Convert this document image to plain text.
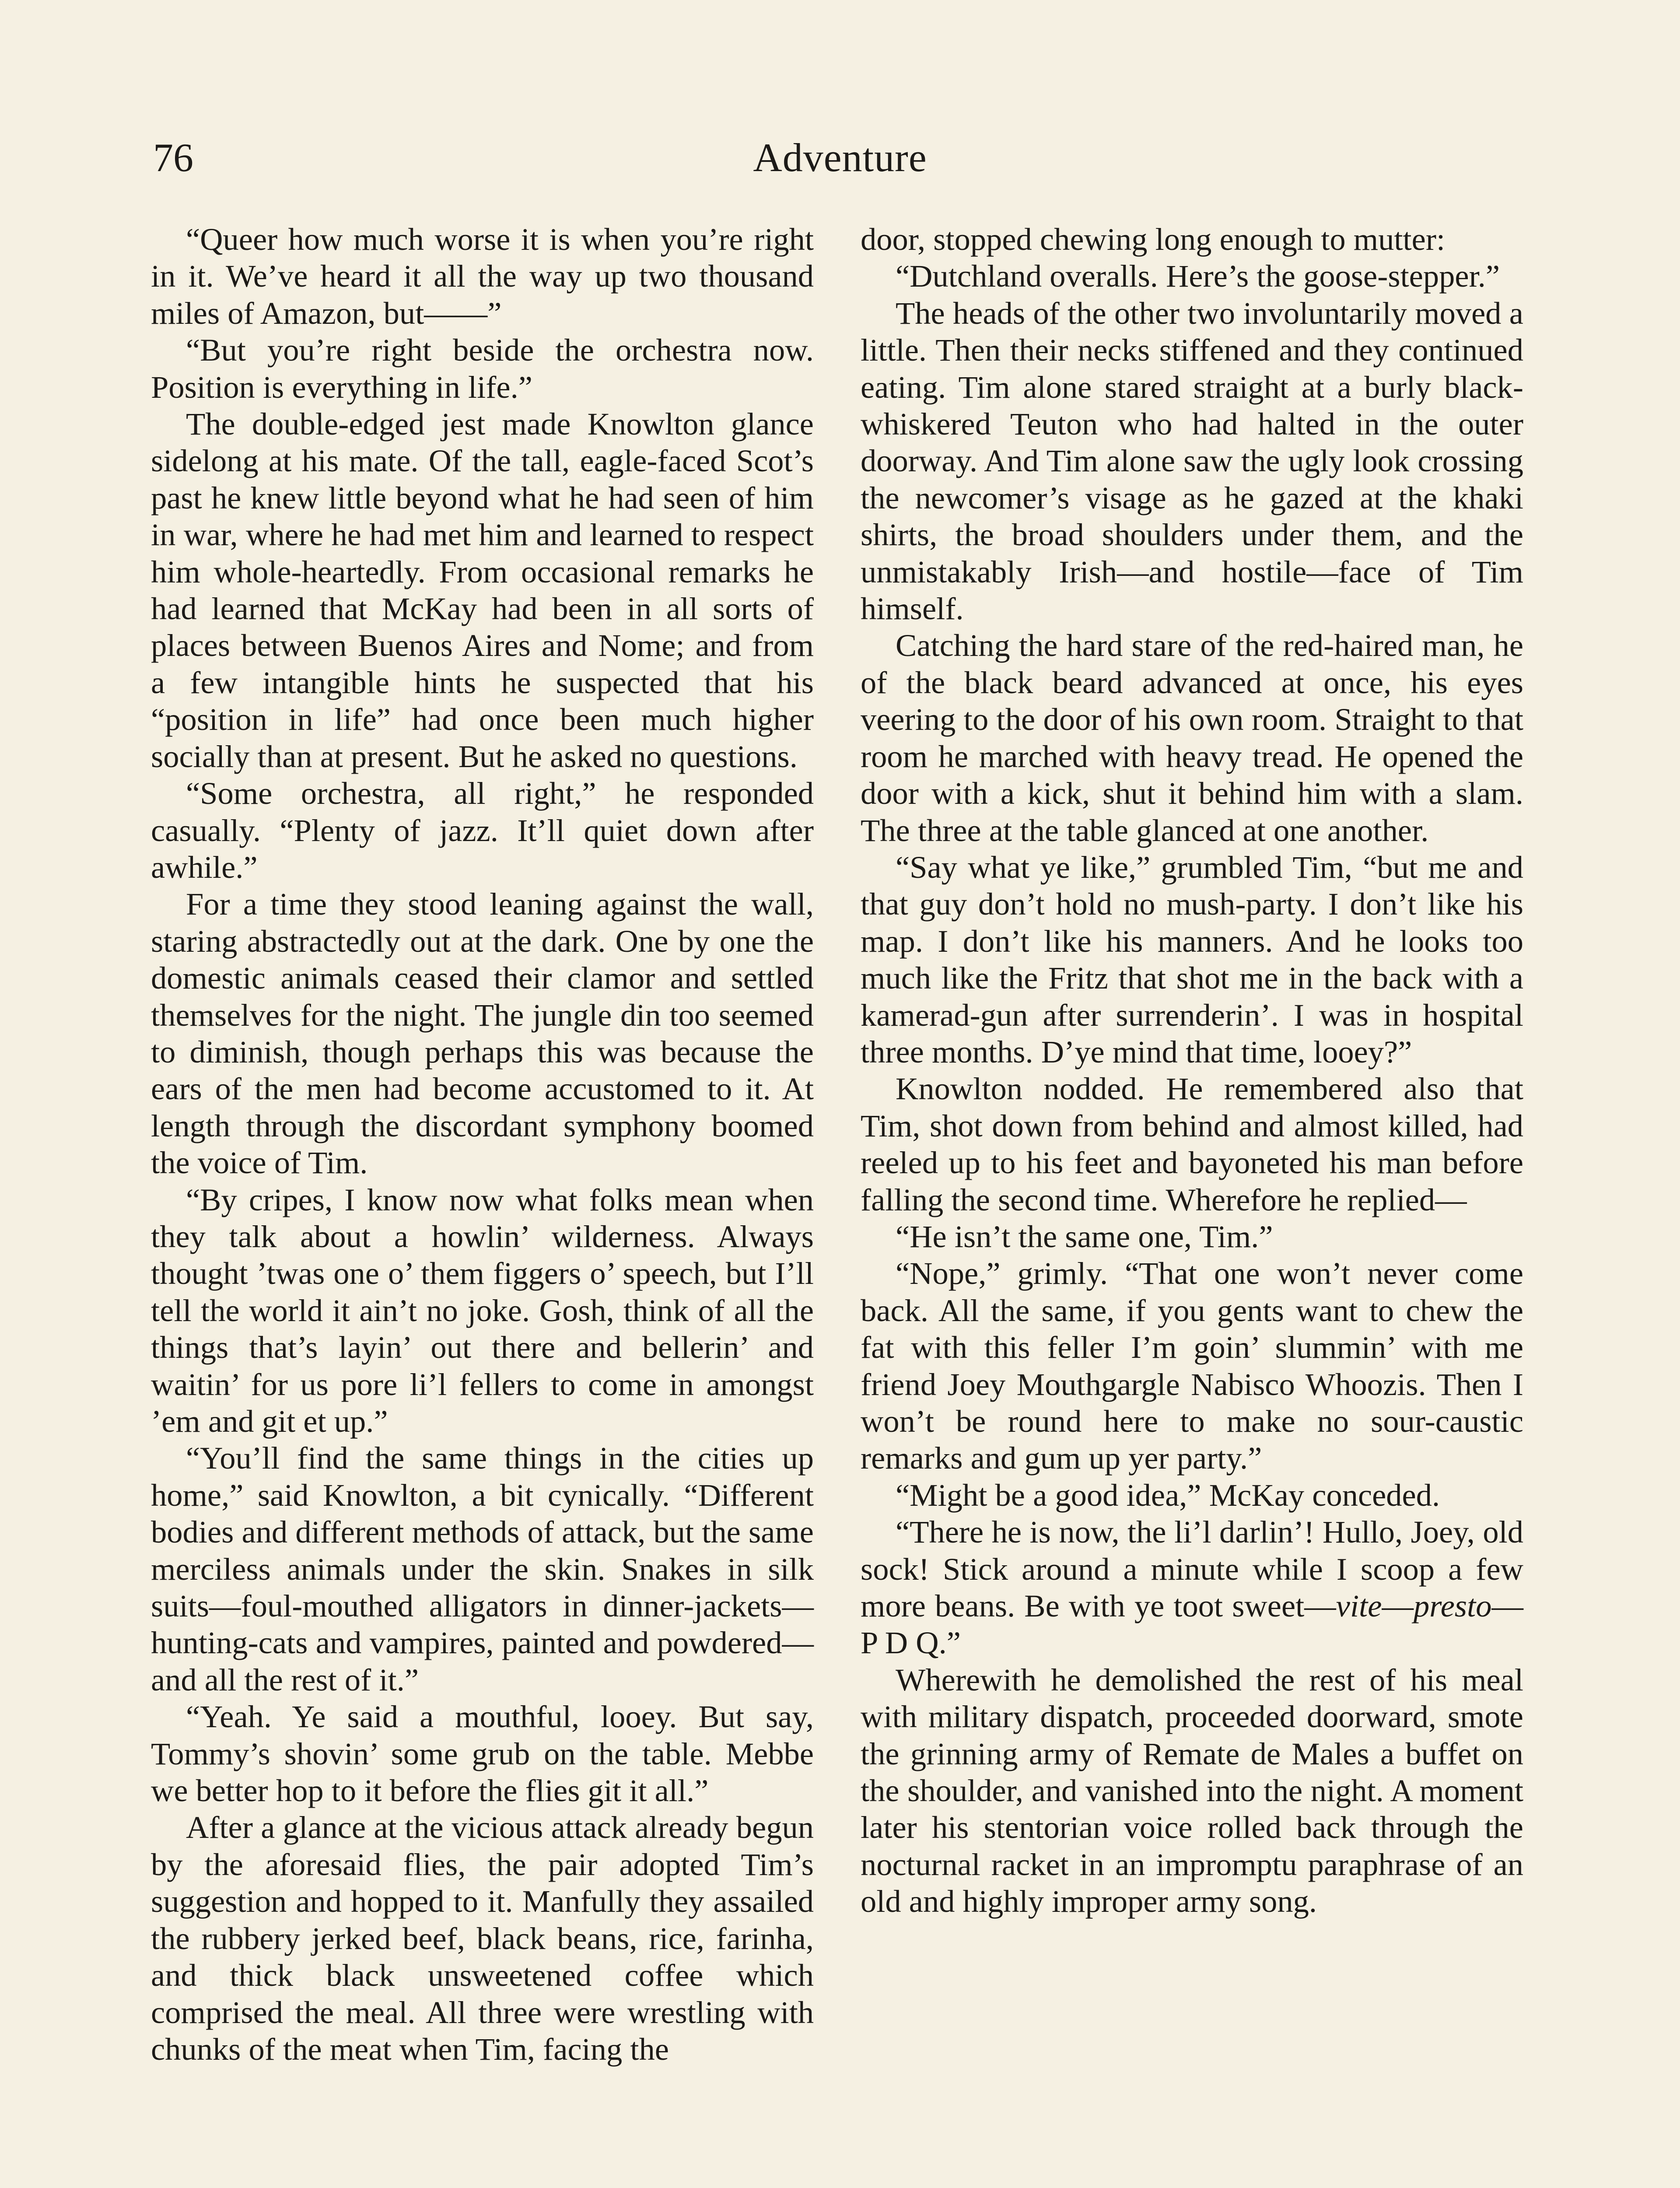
76	Adventure

“Queer how much worse it is when you’re right in it. We’ve heard it all the way up two thousand miles of Amazon, but——”

“But you’re right beside the orchestra now. Position is everything in life.”

The double-edged jest made Knowlton glance sidelong at his mate. Of the tall, eagle-faced Scot’s past he knew little beyond what he had seen of him in war, where he had met him and learned to respect him whole-heartedly. From occasional remarks he had learned that McKay had been in all sorts of places between Buenos Aires and Nome; and from a few intangible hints he suspected that his “position in life” had once been much higher socially than at present. But he asked no questions.

“Some orchestra, all right,” he responded casually. “Plenty of jazz. It’ll quiet down after awhile.”

For a time they stood leaning against the wall, staring abstractedly out at the dark. One by one the domestic animals ceased their clamor and settled themselves for the night. The jungle din too seemed to diminish, though perhaps this was because the ears of the men had become accustomed to it. At length through the discordant symphony boomed the voice of Tim.

“By cripes, I know now what folks mean when they talk about a howlin’ wilderness. Always thought ’twas one o’ them figgers o’ speech, but I’ll tell the world it ain’t no joke. Gosh, think of all the things that’s layin’ out there and bellerin’ and waitin’ for us pore li’l fellers to come in amongst ’em and git et up.”

“You’ll find the same things in the cities up home,” said Knowlton, a bit cynically. “Different bodies and different methods of attack, but the same merciless animals under the skin. Snakes in silk suits—foul-mouthed alligators in dinner-jackets—hunting-cats and vampires, painted and powdered—and all the rest of it.”

“Yeah. Ye said a mouthful, looey. But say, Tommy’s shovin’ some grub on the table. Mebbe we better hop to it before the flies git it all.”

After a glance at the vicious attack already begun by the aforesaid flies, the pair adopted Tim’s suggestion and hopped to it. Manfully they assailed the rubbery jerked beef, black beans, rice, farinha, and thick black unsweetened coffee which comprised the meal. All three were wrestling with chunks of the meat when Tim, facing the

door, stopped chewing long enough to mutter:

“Dutchland overalls. Here’s the goose-stepper.”

The heads of the other two involuntarily moved a little. Then their necks stiffened and they continued eating. Tim alone stared straight at a burly black-whiskered Teuton who had halted in the outer doorway. And Tim alone saw the ugly look crossing the newcomer’s visage as he gazed at the khaki shirts, the broad shoulders under them, and the unmistakably Irish—and hostile—face of Tim himself.

Catching the hard stare of the red-haired man, he of the black beard advanced at once, his eyes veering to the door of his own room. Straight to that room he marched with heavy tread. He opened the door with a kick, shut it behind him with a slam. The three at the table glanced at one another.

“Say what ye like,” grumbled Tim, “but me and that guy don’t hold no mush-party. I don’t like his map. I don’t like his manners. And he looks too much like the Fritz that shot me in the back with a kamerad-gun after surrenderin’. I was in hospital three months. D’ye mind that time, looey?”

Knowlton nodded. He remembered also that Tim, shot down from behind and almost killed, had reeled up to his feet and bayoneted his man before falling the second time. Wherefore he replied—

“He isn’t the same one, Tim.”

“Nope,” grimly. “That one won’t never come back. All the same, if you gents want to chew the fat with this feller I’m goin’ slummin’ with me friend Joey Mouthgargle Nabisco Whoozis. Then I won’t be round here to make no sour-caustic remarks and gum up yer party.”

“Might be a good idea,” McKay conceded.

“There he is now, the li’l darlin’! Hullo, Joey, old sock! Stick around a minute while I scoop a few more beans. Be with ye toot sweet—vite—presto—P D Q.”

Wherewith he demolished the rest of his meal with military dispatch, proceeded doorward, smote the grinning army of Remate de Males a buffet on the shoulder, and vanished into the night. A moment later his stentorian voice rolled back through the nocturnal racket in an impromptu paraphrase of an old and highly improper army song.
